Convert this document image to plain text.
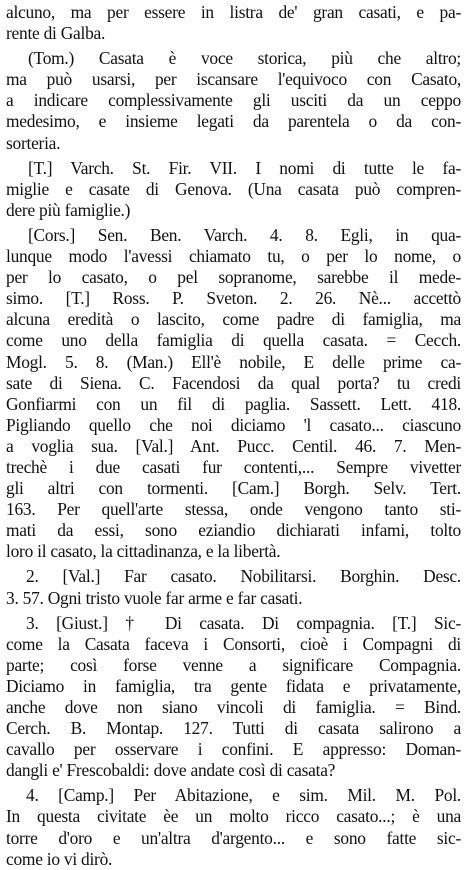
alcuno, ma per essere in listra de' gran casati, e pa-
rente di Galba.
(Tom.) Casata è voce storica, più che altro;
ma può usarsi, per iscansare l'equivoco con Casato,
a indicare complessivamente gli usciti da un ceppo
medesimo, e insieme legati da parentela o da con-
sorteria.
[T.] Varch. St. Fir. VII. I nomi di tutte le fa-
miglie e casate di Genova. (Una casata può compren-
dere più famiglie.)
[Cors.] Sen. Ben. Varch. 4. 8. Egli, in qua-
lunque modo l'avessi chiamato tu, o per lo nome, o
per lo casato, o pel sopranome, sarebbe il mede-
simo. [T.] Ross. P. Sveton. 2. 26. Nè... accettò
alcuna eredità o lascito, come padre di famiglia, ma
come uno della famiglia di quella casata. = Cecch.
Mogl. 5. 8. (Man.) Ell'è nobile, E delle prime ca-
sate di Siena. C. Facendosi da qual porta? tu credi
Gonfiarmi con un fil di paglia. Sassett. Lett. 418.
Pigliando quello che noi diciamo 'l casato... ciascuno
a voglia sua. [Val.] Ant. Pucc. Centil. 46. 7. Men-
trechè i due casati fur contenti,... Sempre vivetter
gli altri con tormenti. [Cam.] Borgh. Selv. Tert.
163. Per quell'arte stessa, onde vengono tanto sti-
mati da essi, sono eziandio dichiarati infami, tolto
loro il casato, la cittadinanza, e la libertà.
2. [Val.] Far casato. Nobilitarsi. Borghin. Desc.
3. 57. Ogni tristo vuole far arme e far casati.
3. [Giust.] † Di casata. Di compagnia. [T.] Sic-
come la Casata faceva i Consorti, cioè i Compagni di
parte; così forse venne a significare Compagnia.
Diciamo in famiglia, tra gente fidata e privatamente,
anche dove non siano vincoli di famiglia. = Bind.
Cerch. B. Montap. 127. Tutti di casata salirono a
cavallo per osservare i confini. E appresso: Doman-
dangli e' Frescobaldi: dove andate così di casata?
4. [Camp.] Per Abitazione, e sim. Mil. M. Pol.
In questa civitate èe un molto ricco casato...; è una
torre d'oro e un'altra d'argento... e sono fatte sic-
come io vi dirò.
